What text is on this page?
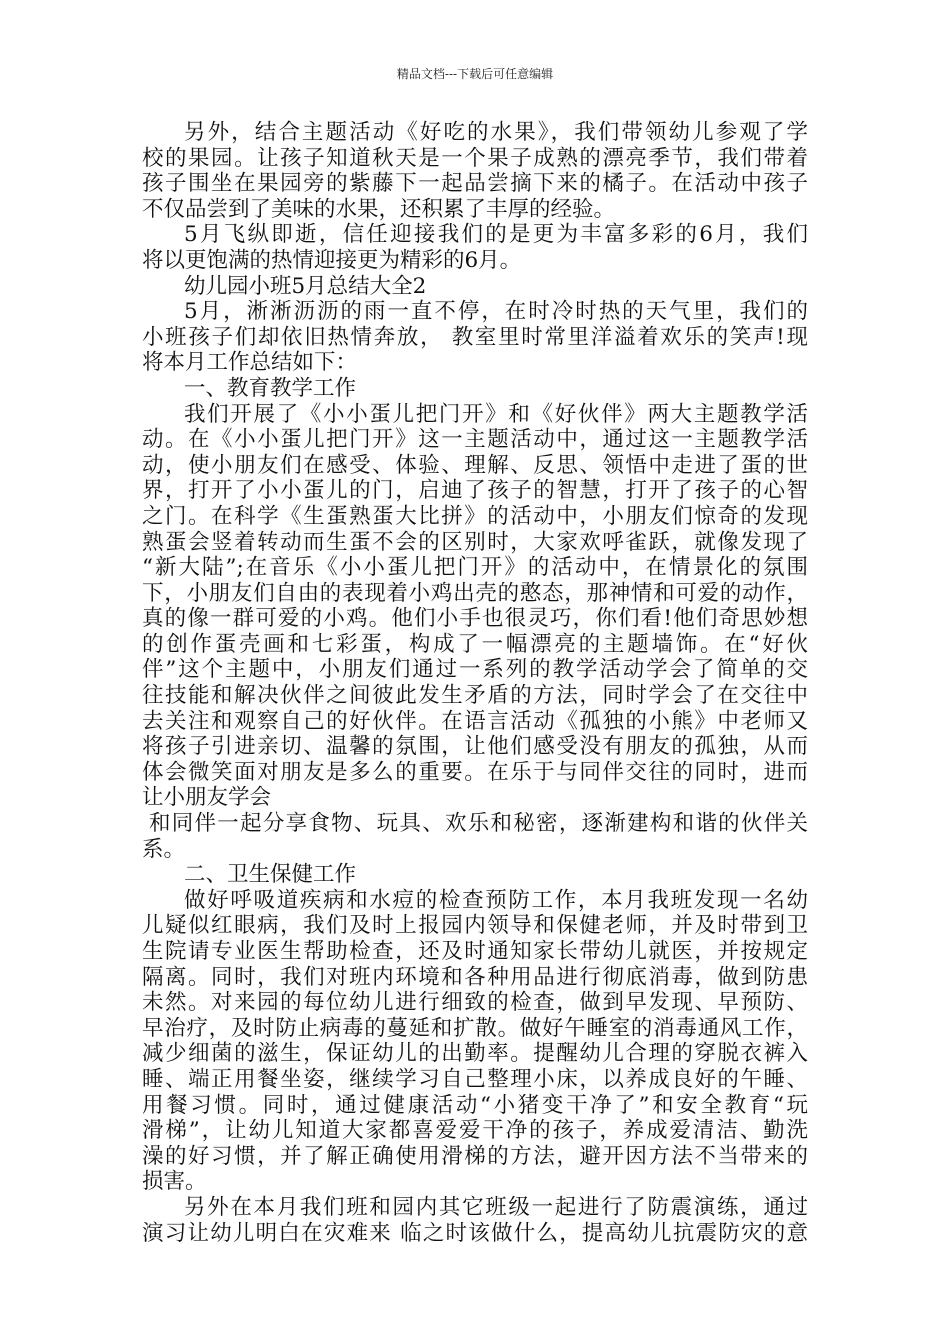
精品文档---下载后可任意编辑
另外，结合主题活动《好吃的水果》，我们带领幼儿参观了学
校的果园。让孩子知道秋天是一个果子成熟的漂亮季节，我们带着
孩子围坐在果园旁的紫藤下一起品尝摘下来的橘子。在活动中孩子
不仅品尝到了美味的水果，还积累了丰厚的经验。
5月飞纵即逝，信任迎接我们的是更为丰富多彩的6月，我们
将以更饱满的热情迎接更为精彩的6月。
幼儿园小班5月总结大全2
5月，淅淅沥沥的雨一直不停，在时冷时热的天气里，我们的
小班孩子们却依旧热情奔放， 教室里时常里洋溢着欢乐的笑声!现
将本月工作总结如下：
一、教育教学工作
我们开展了《小小蛋儿把门开》和《好伙伴》两大主题教学活
动。在《小小蛋儿把门开》这一主题活动中，通过这一主题教学活
动，使小朋友们在感受、体验、理解、反思、领悟中走进了蛋的世
界，打开了小小蛋儿的门，启迪了孩子的智慧，打开了孩子的心智
之门。在科学《生蛋熟蛋大比拼》的活动中，小朋友们惊奇的发现
熟蛋会竖着转动而生蛋不会的区别时，大家欢呼雀跃，就像发现了
“新大陆”;在音乐《小小蛋儿把门开》的活动中，在情景化的氛围
下，小朋友们自由的表现着小鸡出壳的憨态，那神情和可爱的动作，
真的像一群可爱的小鸡。他们小手也很灵巧，你们看!他们奇思妙想
的创作蛋壳画和七彩蛋，构成了一幅漂亮的主题墙饰。在“好伙
伴”这个主题中，小朋友们通过一系列的教学活动学会了简单的交
往技能和解决伙伴之间彼此发生矛盾的方法，同时学会了在交往中
去关注和观察自己的好伙伴。在语言活动《孤独的小熊》中老师又
将孩子引进亲切、温馨的氛围，让他们感受没有朋友的孤独，从而
体会微笑面对朋友是多么的重要。在乐于与同伴交往的同时，进而
让小朋友学会
和同伴一起分享食物、玩具、欢乐和秘密，逐渐建构和谐的伙伴关
系。
二、卫生保健工作
做好呼吸道疾病和水痘的检查预防工作，本月我班发现一名幼
儿疑似红眼病，我们及时上报园内领导和保健老师，并及时带到卫
生院请专业医生帮助检查，还及时通知家长带幼儿就医，并按规定
隔离。同时，我们对班内环境和各种用品进行彻底消毒，做到防患
未然。对来园的每位幼儿进行细致的检查，做到早发现、早预防、
早治疗，及时防止病毒的蔓延和扩散。做好午睡室的消毒通风工作，
减少细菌的滋生，保证幼儿的出勤率。提醒幼儿合理的穿脱衣裤入
睡、端正用餐坐姿，继续学习自己整理小床，以养成良好的午睡、
用餐习惯。同时，通过健康活动“小猪变干净了”和安全教育“玩
滑梯”，让幼儿知道大家都喜爱爱干净的孩子，养成爱清洁、勤洗
澡的好习惯，并了解正确使用滑梯的方法，避开因方法不当带来的
损害。
另外在本月我们班和园内其它班级一起进行了防震演练，通过
演习让幼儿明白在灾难来 临之时该做什么，提高幼儿抗震防灾的意
